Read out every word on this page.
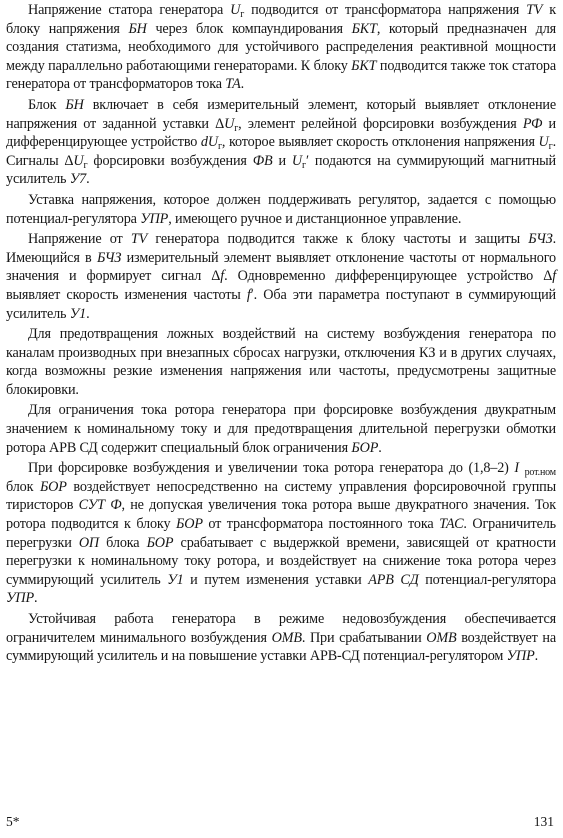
Напряжение статора генератора $U_г$ подводится от трансформатора напряжения TV к блоку напряжения БН через блок компаундирования БКТ, который предназначен для создания статизма, необходимого для устойчивого распределения реактивной мощности между параллельно работающими генераторами. К блоку БКТ подводится также ток статора генератора от трансформаторов тока ТА.

Блок БН включает в себя измерительный элемент, который выявляет отклонение напряжения от заданной уставки $\Delta U_г$, элемент релейной форсировки возбуждения РФ и дифференцирующее устройство $dU_г$, которое выявляет скорость отклонения напряжения $U_г$. Сигналы $\Delta U_г$ форсировки возбуждения ФВ и $U_г'$ подаются на суммирующий магнитный усилитель У7.

Уставка напряжения, которое должен поддерживать регулятор, задается с помощью потенциал-регулятора УПР, имеющего ручное и дистанционное управление.

Напряжение от TV генератора подводится также к блоку частоты и защиты БЧЗ. Имеющийся в БЧЗ измерительный элемент выявляет отклонение частоты от нормального значения и формирует сигнал Δf. Одновременно дифференцирующее устройство Δf выявляет скорость изменения частоты f′. Оба эти параметра поступают в суммирующий усилитель У1.

Для предотвращения ложных воздействий на систему возбуждения генератора по каналам производных при внезапных сбросах нагрузки, отключения КЗ и в других случаях, когда возможны резкие изменения напряжения или частоты, предусмотрены защитные блокировки.

Для ограничения тока ротора генератора при форсировке возбуждения двукратным значением к номинальному току и для предотвращения длительной перегрузки обмотки ротора АРВ СД содержит специальный блок ограничения БОР.

При форсировке возбуждения и увеличении тока ротора генератора до (1,8–2) I $_{рот.ном}$ блок БОР воздействует непосредственно на систему управления форсировочной группы тиристоров СУТ Ф, не допуская увеличения тока ротора выше двукратного значения. Ток ротора подводится к блоку БОР от трансформатора постоянного тока ТАС. Ограничитель перегрузки ОП блока БОР срабатывает с выдержкой времени, зависящей от кратности перегрузки к номинальному току ротора, и воздействует на снижение тока ротора через суммирующий усилитель У1 и путем изменения уставки АРВ СД потенциал-регулятора УПР.

Устойчивая работа генератора в режиме недовозбуждения обеспечивается ограничителем минимального возбуждения ОМВ. При срабатывании ОМВ воздействует на суммирующий усилитель и на повышение уставки АРВ-СД потенциал-регулятором УПР.

5*	131
